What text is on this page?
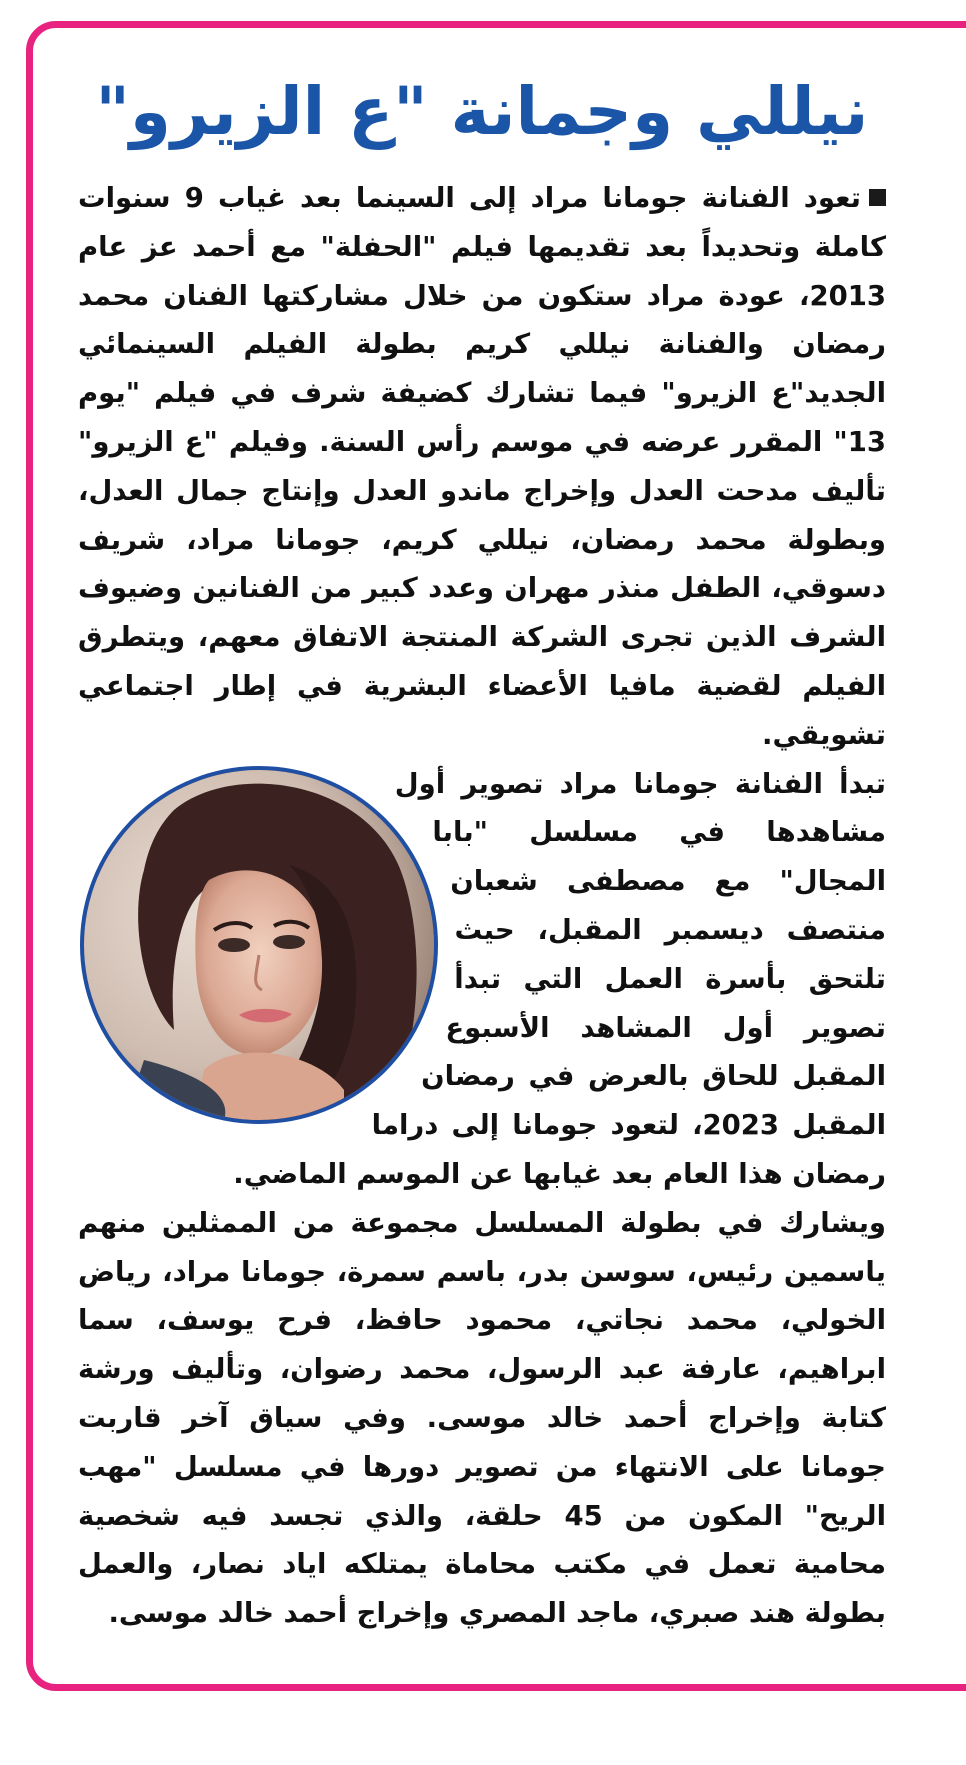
نيللي وجمانة "ع الزيرو"

تعود الفنانة جومانا مراد إلى السينما بعد غياب 9 سنوات كاملة وتحديداً بعد تقديمها فيلم "الحفلة" مع أحمد عز عام 2013، عودة مراد ستكون من خلال مشاركتها الفنان محمد رمضان والفنانة نيللي كريم بطولة الفيلم السينمائي الجديد"ع الزيرو" فيما تشارك كضيفة شرف في فيلم "يوم 13" المقرر عرضه في موسم رأس السنة. وفيلم "ع الزيرو" تأليف مدحت العدل وإخراج ماندو العدل وإنتاج جمال العدل، وبطولة محمد رمضان، نيللي كريم، جومانا مراد، شريف دسوقي، الطفل منذر مهران وعدد كبير من الفنانين وضيوف الشرف الذين تجرى الشركة المنتجة الاتفاق معهم، ويتطرق الفيلم لقضية مافيا الأعضاء البشرية في إطار اجتماعي تشويقي.

تبدأ الفنانة جومانا مراد تصوير أول مشاهدها في مسلسل "بابا المجال" مع مصطفى شعبان منتصف ديسمبر المقبل، حيث تلتحق بأسرة العمل التي تبدأ تصوير أول المشاهد الأسبوع المقبل للحاق بالعرض في رمضان المقبل 2023، لتعود جومانا إلى دراما رمضان هذا العام بعد غيابها عن الموسم الماضي.

ويشارك في بطولة المسلسل مجموعة من الممثلين منهم ياسمين رئيس، سوسن بدر، باسم سمرة، جومانا مراد، رياض الخولي، محمد نجاتي، محمود حافظ، فرح يوسف، سما ابراهيم، عارفة عبد الرسول، محمد رضوان، وتأليف ورشة كتابة وإخراج أحمد خالد موسى. وفي سياق آخر قاربت جومانا على الانتهاء من تصوير دورها في مسلسل "مهب الريح" المكون من 45 حلقة، والذي تجسد فيه شخصية محامية تعمل في مكتب محاماة يمتلكه اياد نصار، والعمل بطولة هند صبري، ماجد المصري وإخراج أحمد خالد موسى.
